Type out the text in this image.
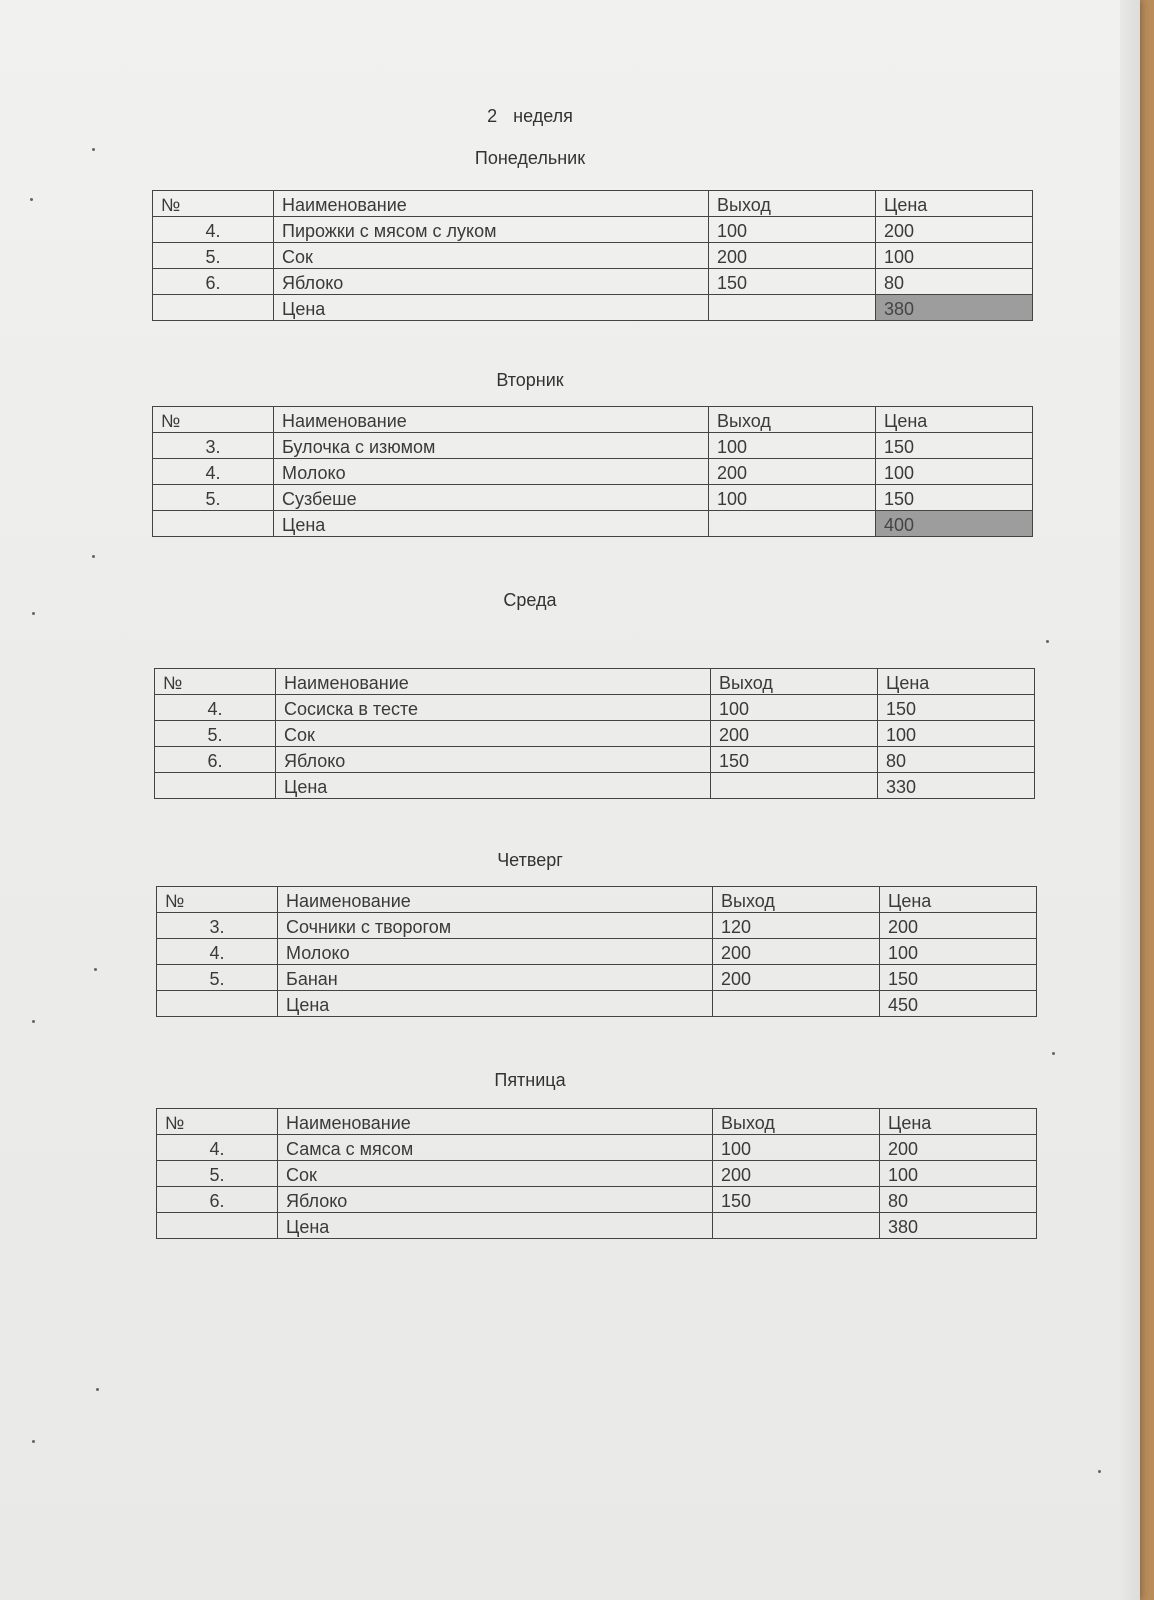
2 неделя
Понедельник
№	Наименование	Выход	Цена
4.	Пирожки с мясом с луком	100	200
5.	Сок	200	100
6.	Яблоко	150	80
	Цена		380
Вторник
№	Наименование	Выход	Цена
3.	Булочка с изюмом	100	150
4.	Молоко	200	100
5.	Сузбеше	100	150
	Цена		400
Среда
№	Наименование	Выход	Цена
4.	Сосиска в тесте	100	150
5.	Сок	200	100
6.	Яблоко	150	80
	Цена		330
Четверг
№	Наименование	Выход	Цена
3.	Сочники с творогом	120	200
4.	Молоко	200	100
5.	Банан	200	150
	Цена		450
Пятница
№	Наименование	Выход	Цена
4.	Самса с мясом	100	200
5.	Сок	200	100
6.	Яблоко	150	80
	Цена		380
